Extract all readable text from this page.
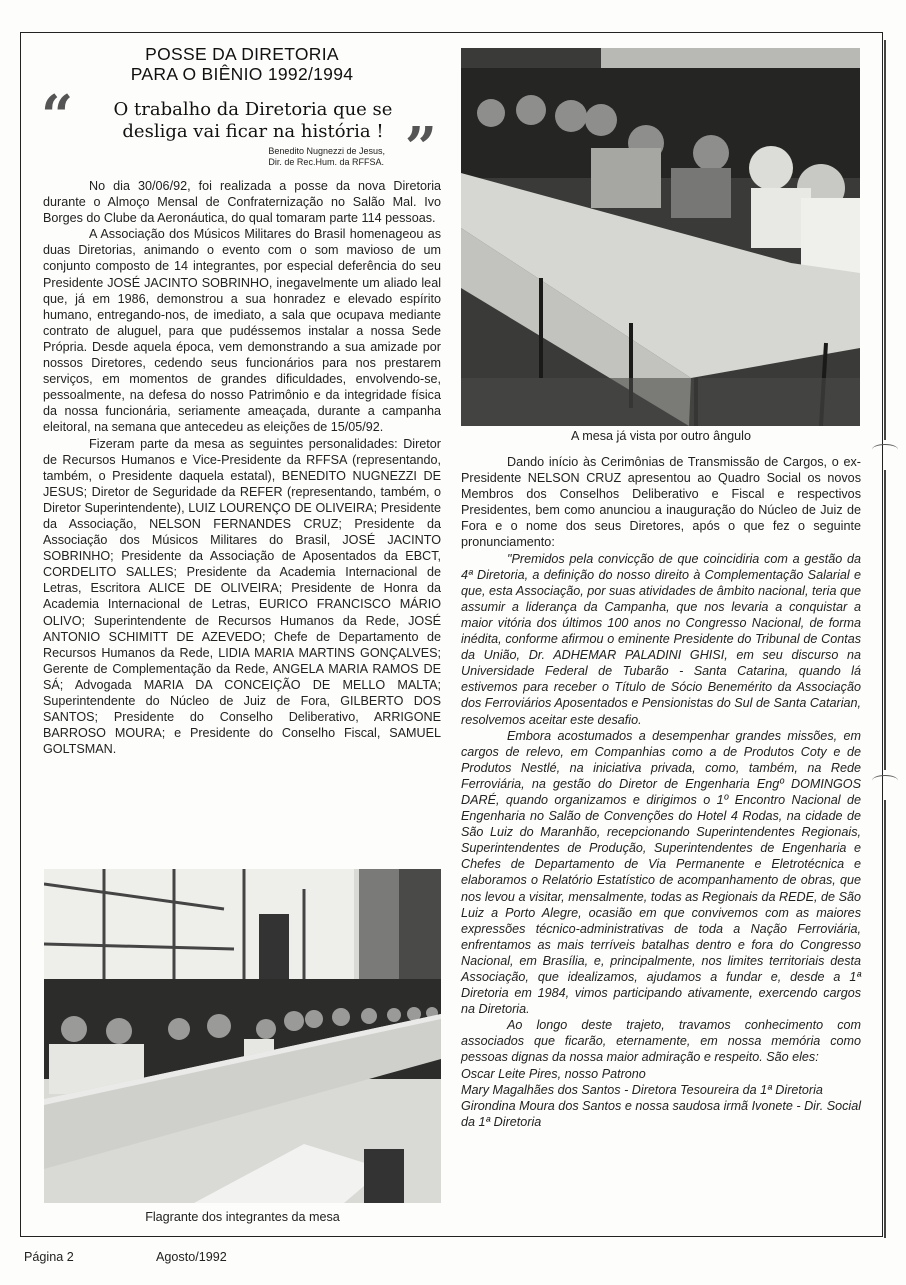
POSSE DA DIRETORIA
PARA O BIÊNIO 1992/1994
“	O trabalho da Diretoria que se desliga vai ficar na história !
Benedito Nugnezzi de Jesus,
Dir. de Rec.Hum. da RFFSA. ”

No dia 30/06/92, foi realizada a posse da nova Diretoria durante o Almoço Mensal de Confraternização no Salão Mal. Ivo Borges do Clube da Aeronáutica, do qual tomaram parte 114 pessoas.

A Associação dos Músicos Militares do Brasil homenageou as duas Diretorias, animando o evento com o som mavioso de um conjunto composto de 14 integrantes, por especial deferência do seu Presidente JOSÉ JACINTO SOBRINHO, inegavelmente um aliado leal que, já em 1986, demonstrou a sua honradez e elevado espírito humano, entregando-nos, de imediato, a sala que ocupava mediante contrato de aluguel, para que pudéssemos instalar a nossa Sede Própria. Desde aquela época, vem demonstrando a sua amizade por nossos Diretores, cedendo seus funcionários para nos prestarem serviços, em momentos de grandes dificuldades, envolvendo-se, pessoalmente, na defesa do nosso Patrimônio e da integridade física da nossa funcionária, seriamente ameaçada, durante a campanha eleitoral, na semana que antecedeu as eleições de 15/05/92.

Fizeram parte da mesa as seguintes personalidades: Diretor de Recursos Humanos e Vice-Presidente da RFFSA (representando, também, o Presidente daquela estatal), BENEDITO NUGNEZZI DE JESUS; Diretor de Seguridade da REFER (representando, também, o Diretor Superintendente), LUIZ LOURENÇO DE OLIVEIRA; Presidente da Associação, NELSON FERNANDES CRUZ; Presidente da Associação dos Músicos Militares do Brasil, JOSÉ JACINTO SOBRINHO; Presidente da Associação de Aposentados da EBCT, CORDELITO SALLES; Presidente da Academia Internacional de Letras, Escritora ALICE DE OLIVEIRA; Presidente de Honra da Academia Internacional de Letras, EURICO FRANCISCO MÁRIO OLIVO; Superintendente de Recursos Humanos da Rede, JOSÉ ANTONIO SCHIMITT DE AZEVEDO; Chefe de Departamento de Recursos Humanos da Rede, LIDIA MARIA MARTINS GONÇALVES; Gerente de Complementação da Rede, ANGELA MARIA RAMOS DE SÁ; Advogada MARIA DA CONCEIÇÃO DE MELLO MALTA; Superintendente do Núcleo de Juiz de Fora, GILBERTO DOS SANTOS; Presidente do Conselho Deliberativo, ARRIGONE BARROSO MOURA; e Presidente do Conselho Fiscal, SAMUEL GOLTSMAN.

Flagrante dos integrantes da mesa
A mesa já vista por outro ângulo

Dando início às Cerimônias de Transmissão de Cargos, o ex-Presidente NELSON CRUZ apresentou ao Quadro Social os novos Membros dos Conselhos Deliberativo e Fiscal e respectivos Presidentes, bem como anunciou a inauguração do Núcleo de Juiz de Fora e o nome dos seus Diretores, após o que fez o seguinte pronunciamento:

"Premidos pela convicção de que coincidiria com a gestão da 4ª Diretoria, a definição do nosso direito à Complementação Salarial e que, esta Associação, por suas atividades de âmbito nacional, teria que assumir a liderança da Campanha, que nos levaria a conquistar a maior vitória dos últimos 100 anos no Congresso Nacional, de forma inédita, conforme afirmou o eminente Presidente do Tribunal de Contas da União, Dr. ADHEMAR PALADINI GHISI, em seu discurso na Universidade Federal de Tubarão - Santa Catarina, quando lá estivemos para receber o Título de Sócio Benemérito da Associação dos Ferroviários Aposentados e Pensionistas do Sul de Santa Catarian, resolvemos aceitar este desafio.

Embora acostumados a desempenhar grandes missões, em cargos de relevo, em Companhias como a de Produtos Coty e de Produtos Nestlé, na iniciativa privada, como, também, na Rede Ferroviária, na gestão do Diretor de Engenharia Engº DOMINGOS DARÉ, quando organizamos e dirigimos o 1º Encontro Nacional de Engenharia no Salão de Convenções do Hotel 4 Rodas, na cidade de São Luiz do Maranhão, recepcionando Superintendentes Regionais, Superintendentes de Produção, Superintendentes de Engenharia e Chefes de Departamento de Via Permanente e Eletrotécnica e elaboramos o Relatório Estatístico de acompanhamento de obras, que nos levou a visitar, mensalmente, todas as Regionais da REDE, de São Luiz a Porto Alegre, ocasião em que convivemos com as maiores expressões técnico-administrativas de toda a Nação Ferroviária, enfrentamos as mais terríveis batalhas dentro e fora do Congresso Nacional, em Brasília, e, principalmente, nos limites territoriais desta Associação, que idealizamos, ajudamos a fundar e, desde a 1ª Diretoria em 1984, vimos participando ativamente, exercendo cargos na Diretoria.

Ao longo deste trajeto, travamos conhecimento com associados que ficarão, eternamente, em nossa memória como pessoas dignas da nossa maior admiração e respeito. São eles:

Oscar Leite Pires, nosso Patrono

Mary Magalhães dos Santos - Diretora Tesoureira da 1ª Diretoria

Girondina Moura dos Santos e nossa saudosa irmã Ivonete - Dir. Social da 1ª Diretoria

Página 2	Agosto/1992
